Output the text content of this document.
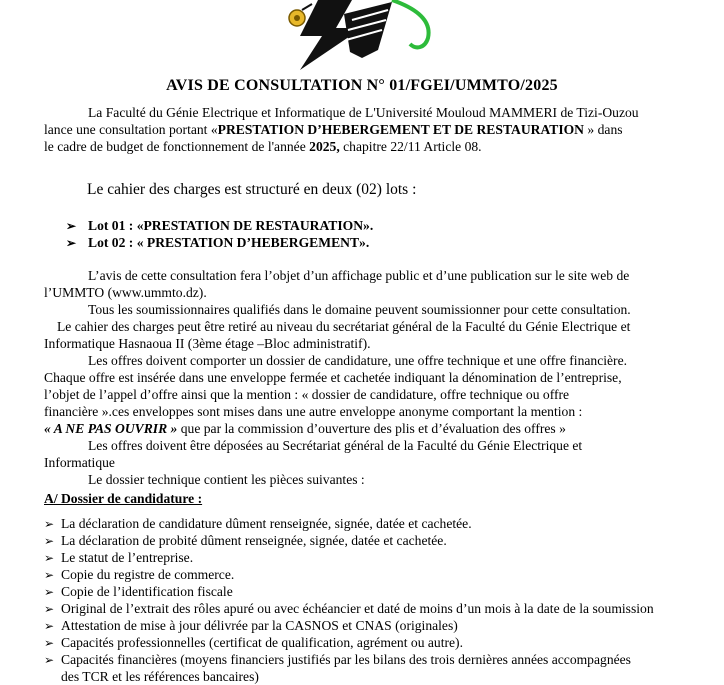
AVIS DE CONSULTATION N° 01/FGEI/UMMTO/2025
La Faculté du Génie Electrique et Informatique de L'Université Mouloud MAMMERI de Tizi-Ouzou
lance une consultation portant «PRESTATION D’HEBERGEMENT ET DE RESTAURATION » dans
le cadre de budget de fonctionnement de l'année 2025, chapitre 22/11 Article 08.
Le cahier des charges est structuré en deux (02) lots :
➢ Lot 01 : «PRESTATION DE RESTAURATION».
➢ Lot 02 : « PRESTATION D’HEBERGEMENT».
L’avis de cette consultation fera l’objet d’un affichage public et d’une publication sur le site web de
l’UMMTO (www.ummto.dz).
Tous les soumissionnaires qualifiés dans le domaine peuvent soumissionner pour cette consultation.
Le cahier des charges peut être retiré au niveau du secrétariat général de la Faculté du Génie Electrique et
Informatique Hasnaoua II (3ème étage –Bloc administratif).
Les offres doivent comporter un dossier de candidature, une offre technique et une offre financière.
Chaque offre est insérée dans une enveloppe fermée et cachetée indiquant la dénomination de l’entreprise,
l’objet de l’appel d’offre ainsi que la mention : « dossier de candidature, offre technique ou offre
financière ».ces enveloppes sont mises dans une autre enveloppe anonyme comportant la mention :
« A NE PAS OUVRIR » que par la commission d’ouverture des plis et d’évaluation des offres »
Les offres doivent être déposées au Secrétariat général de la Faculté du Génie Electrique et
Informatique
Le dossier technique contient les pièces suivantes :
A/ Dossier de candidature :
➢ La déclaration de candidature dûment renseignée, signée, datée et cachetée.
➢ La déclaration de probité dûment renseignée, signée, datée et cachetée.
➢ Le statut de l’entreprise.
➢ Copie du registre de commerce.
➢ Copie de l’identification fiscale
➢ Original de l’extrait des rôles apuré ou avec échéancier et daté de moins d’un mois à la date de la soumission
➢ Attestation de mise à jour délivrée par la CASNOS et CNAS (originales)
➢ Capacités professionnelles (certificat de qualification, agrément ou autre).
➢ Capacités financières (moyens financiers justifiés par les bilans des trois dernières années accompagnées
des TCR et les références bancaires)
